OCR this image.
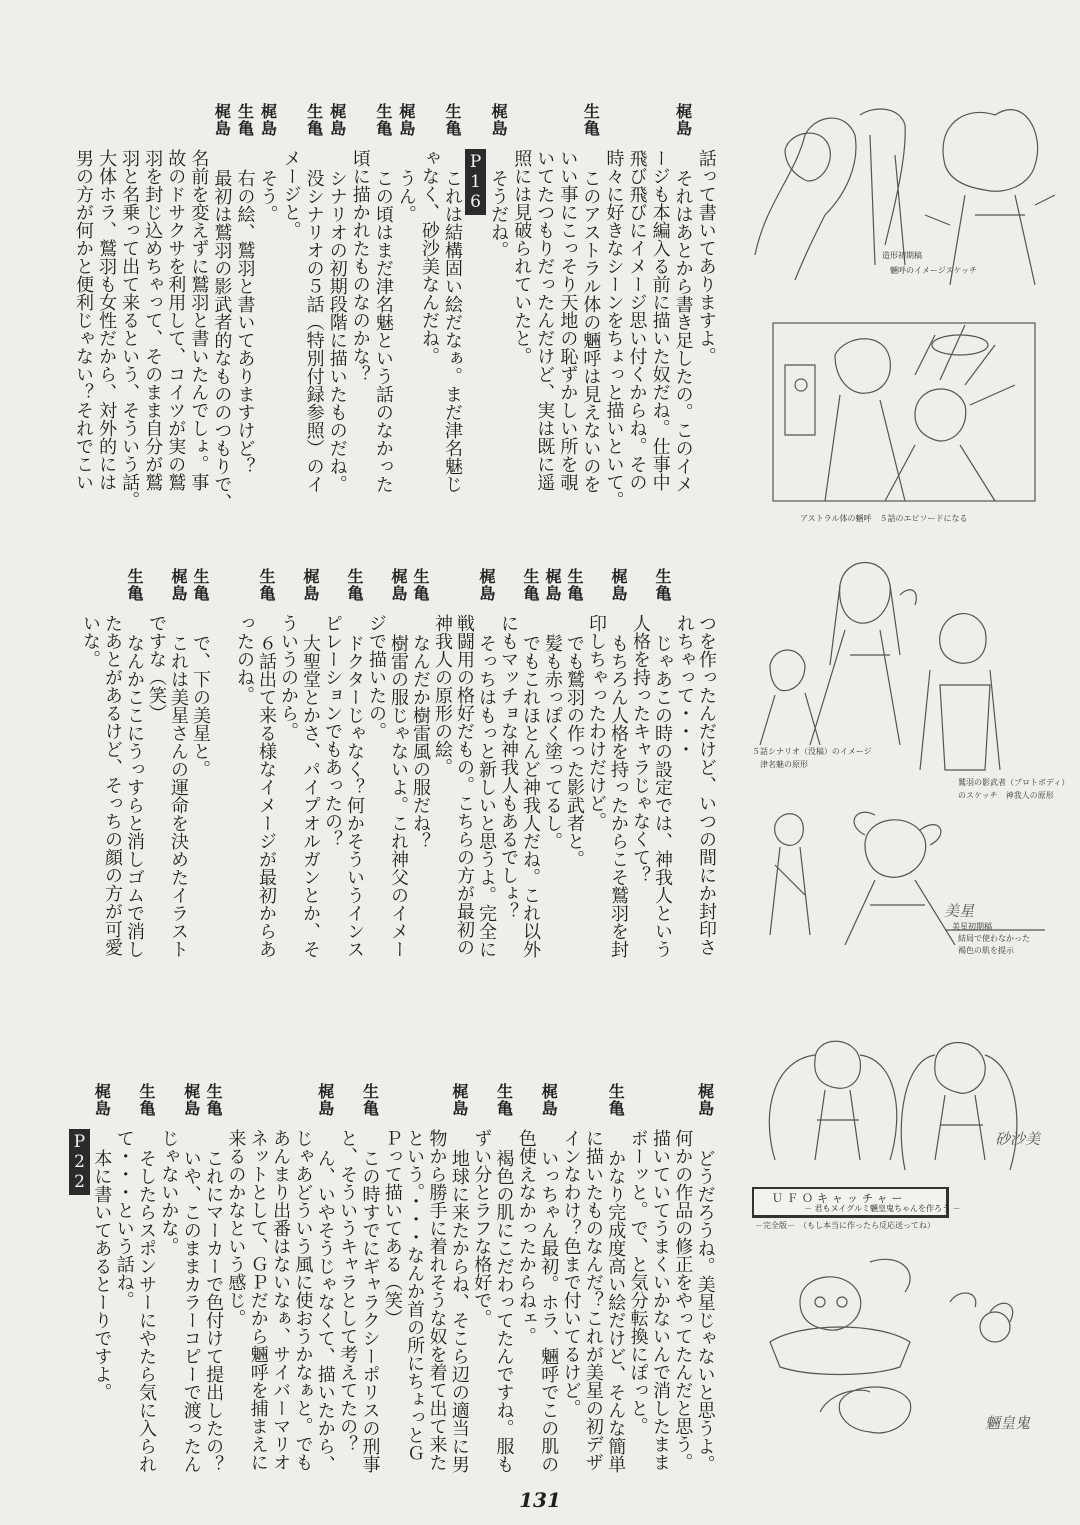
話って書いてありますよ。
梶島
それはあとから書き足したの。このイメ
ージも本編入る前に描いた奴だね。仕事中
飛び飛びにイメージ思い付くからね。その
時々に好きなシーンをちょっと描いといて。
生亀
このアストラル体の魎呼は見えないのを
いい事にこっそり天地の恥ずかしい所を覗
いてたつもりだったんだけど、実は既に遥
照には見破られていたと。
梶島
そうだね。
P16
生亀
これは結構固い絵だなぁ。まだ津名魅じ
ゃなく、砂沙美なんだね。
梶島
うん。
生亀
この頃はまだ津名魅という話のなかった
頃に描かれたものなのかな？
梶島
シナリオの初期段階に描いたものだね。
生亀
没シナリオの５話（特別付録参照）のイ
メージと。
梶島
そう。
生亀
右の絵、鷲羽と書いてありますけど？
梶島
最初は鷲羽の影武者的なもののつもりで、
名前を変えずに鷲羽と書いたんでしょ。事
故のドサクサを利用して、コイツが実の鷲
羽を封じ込めちゃって、そのまま自分が鷲
羽と名乗って出て来るという、そういう話。
大体ホラ、鷲羽も女性だから、対外的には
男の方が何かと便利じゃない？それでこい
つを作ったんだけど、いつの間にか封印さ
れちゃって・・・
生亀
じゃあこの時の設定では、神我人という
人格を持ったキャラじゃなくて？
梶島
もちろん人格を持ったからこそ鷲羽を封
印しちゃったわけだけど。
生亀
でも鷲羽の作った影武者と。
梶島
髪も赤っぽく塗ってるし。
生亀
でもこれほとんど神我人だね。これ以外
にもマッチョな神我人もあるでしょ？
梶島
そっちはもっと新しいと思うよ。完全に
戦闘用の格好だもの。こちらの方が最初の
神我人の原形の絵。
生亀
なんだか樹雷風の服だね？
梶島
樹雷の服じゃないよ。これ神父のイメー
ジで描いたの。
生亀
ドクターじゃなく？何かそういうインス
ピレーションでもあったの？
梶島
大聖堂とかさ、パイプオルガンとか、そ
ういうのから。
生亀
６話出て来る様なイメージが最初からあ
ったのね。
生亀
で、下の美星と。
梶島
これは美星さんの運命を決めたイラスト
ですな（笑）
生亀
なんかここにうっすらと消しゴムで消し
たあとがあるけど、そっちの顔の方が可愛
いな。
梶島
どうだろうね。美星じゃないと思うよ。
何かの作品の修正をやってたんだと思う。
描いていてうまくいかないんで消したまま
ボーッと。で、と気分転換にぽっと。
生亀
かなり完成度高い絵だけど、そんな簡単
に描いたものなんだ？これが美星の初デザ
インなわけ？色まで付いてるけど。
梶島
いっちゃん最初。ホラ、魎呼でこの肌の
色使えなかったからねェ。
生亀
褐色の肌にこだわってたんですね。服も
ずい分とラフな格好で。
梶島
地球に来たからね、そこら辺の適当に男
物から勝手に着れそうな奴を着て出て来た
という。・・・なんか首の所にちょっとＧ
Ｐって描いてある（笑）
生亀
この時すでにギャラクシーポリスの刑事
と、そういうキャラとして考えてたの？
梶島
ん、いやそうじゃなくて、描いたから、
じゃあどういう風に使おうかなぁと。でも
あんまり出番はないなぁ、サイバーマリオ
ネットとして、ＧＰだから魎呼を捕まえに
来るのかなという感じ。
生亀
これにマーカーで色付けて提出したの？
梶島
いや、このままカラーコピーで渡ったん
じゃないかな。
生亀
そしたらスポンサーにやたら気に入られ
て・・・という話ね。
梶島
本に書いてあるとーりですよ。
P22
造形初期稿
魎呼のイメージスケッチ
アストラル体の魎呼　５話のエピソードになる
５話シナリオ（没稿）のイメージ
津名魅の原形
鷲羽の影武者（プロトボディ）
のスケッチ　神我人の原形
美星
美星初期稿
結局で使わなかった
褐色の肌を提示
砂沙美
ＵＦＯキャッチャー
－ 君もヌイグルミ魎皇鬼ちゃんを作ろう －
－完全版－　（もし本当に作ったら反応送ってね）
魎皇鬼
131
